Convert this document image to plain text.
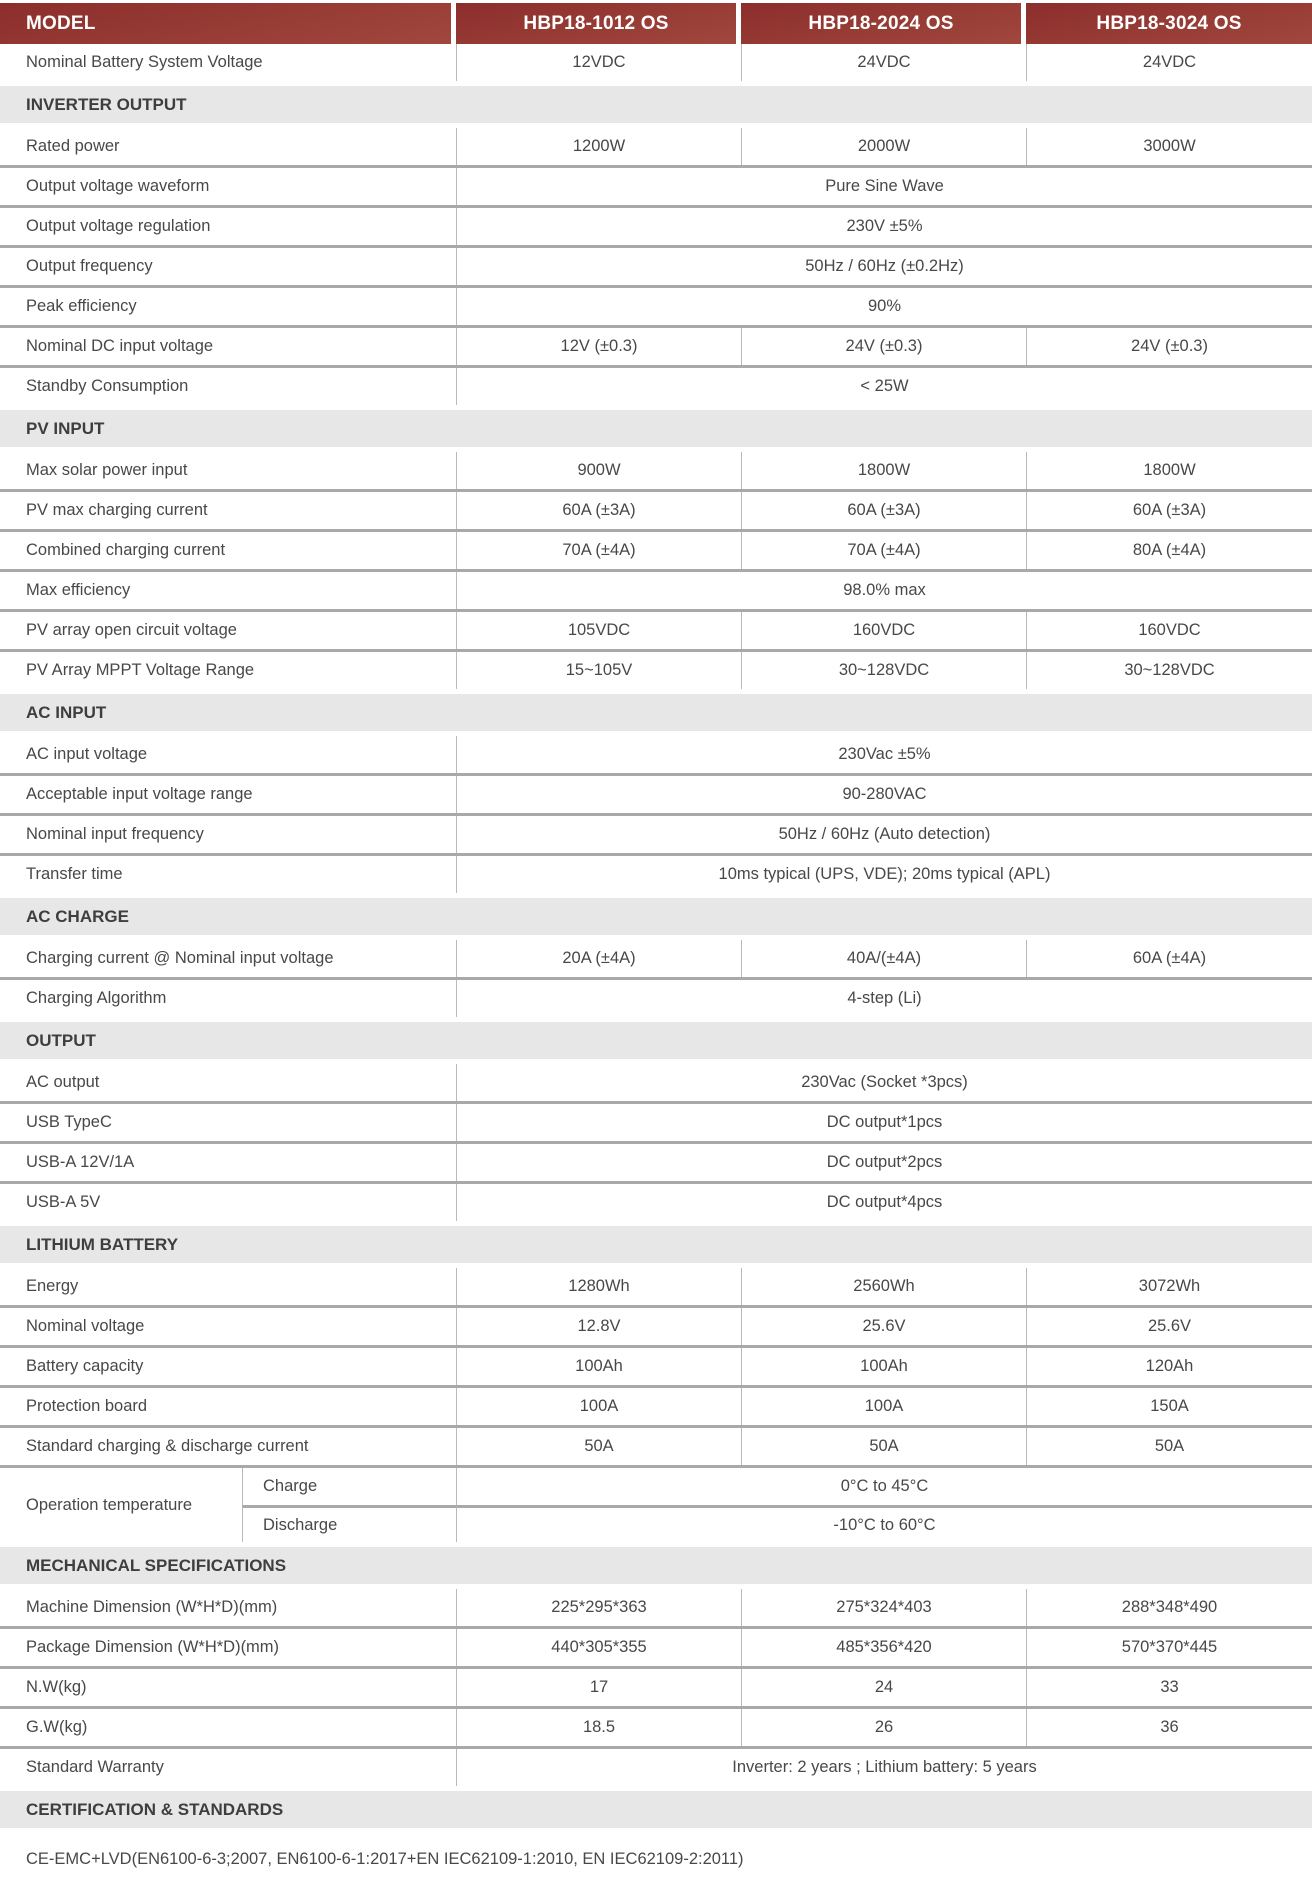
MODEL	HBP18-1012 OS	HBP18-2024 OS	HBP18-3024 OS
Nominal Battery System Voltage	12VDC	24VDC	24VDC
INVERTER OUTPUT
Rated power	1200W	2000W	3000W
Output voltage waveform	Pure Sine Wave
Output voltage regulation	230V ±5%
Output frequency	50Hz / 60Hz (±0.2Hz)
Peak efficiency	90%
Nominal DC input voltage	12V (±0.3)	24V (±0.3)	24V (±0.3)
Standby Consumption	< 25W
PV INPUT
Max solar power input	900W	1800W	1800W
PV max charging current	60A (±3A)	60A (±3A)	60A (±3A)
Combined charging current	70A (±4A)	70A (±4A)	80A (±4A)
Max efficiency	98.0% max
PV array open circuit voltage	105VDC	160VDC	160VDC
PV Array MPPT Voltage Range	15~105V	30~128VDC	30~128VDC
AC INPUT
AC input voltage	230Vac ±5%
Acceptable input voltage range	90-280VAC
Nominal input frequency	50Hz / 60Hz (Auto detection)
Transfer time	10ms typical (UPS, VDE); 20ms typical (APL)
AC CHARGE
Charging current @ Nominal input voltage	20A (±4A)	40A/(±4A)	60A (±4A)
Charging Algorithm	4-step (Li)
OUTPUT
AC output	230Vac (Socket *3pcs)
USB TypeC	DC output*1pcs
USB-A 12V/1A	DC output*2pcs
USB-A 5V	DC output*4pcs
LITHIUM BATTERY
Energy	1280Wh	2560Wh	3072Wh
Nominal voltage	12.8V	25.6V	25.6V
Battery capacity	100Ah	100Ah	120Ah
Protection board	100A	100A	150A
Standard charging & discharge current	50A	50A	50A
Operation temperature
Charge	0°C to 45°C
Discharge	-10°C to 60°C
MECHANICAL SPECIFICATIONS
Machine Dimension (W*H*D)(mm)	225*295*363	275*324*403	288*348*490
Package Dimension (W*H*D)(mm)	440*305*355	485*356*420	570*370*445
N.W(kg)	17	24	33
G.W(kg)	18.5	26	36
Standard Warranty	Inverter: 2 years ; Lithium battery: 5 years
CERTIFICATION & STANDARDS
CE-EMC+LVD(EN6100-6-3;2007, EN6100-6-1:2017+EN IEC62109-1:2010, EN IEC62109-2:2011)
